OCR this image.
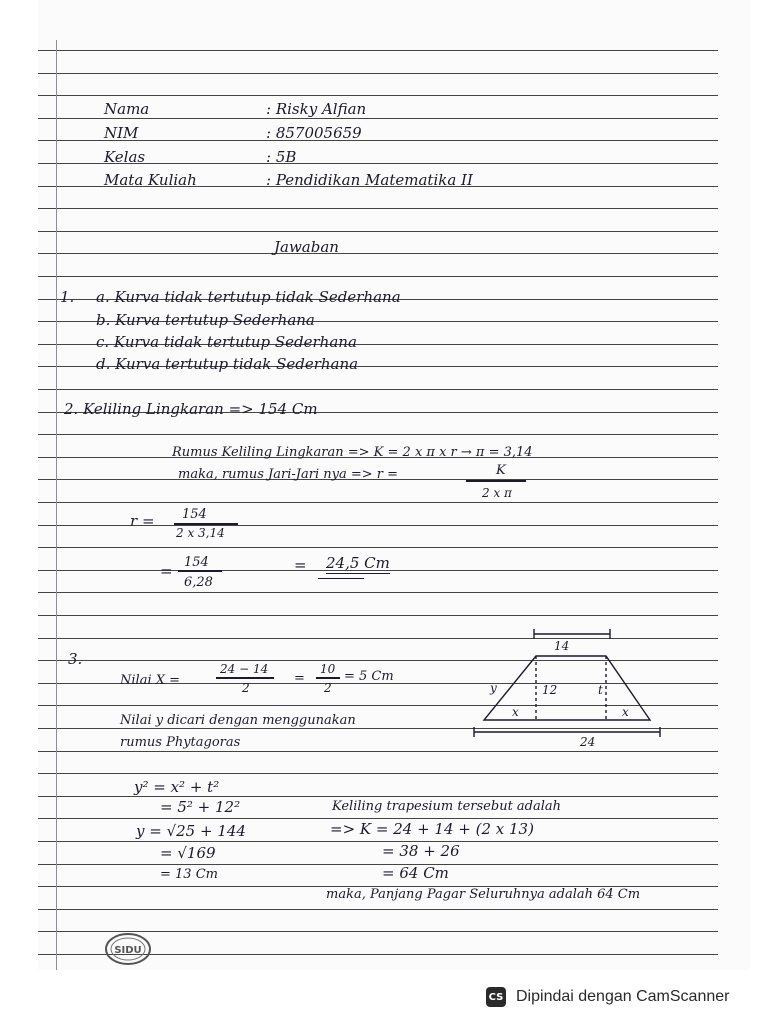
Nama	: Risky Alfian
NIM	: 857005659
Kelas	: 5B
Mata Kuliah	: Pendidikan Matematika II
Jawaban
1. a. Kurva tidak tertutup tidak Sederhana
b. Kurva tertutup Sederhana
c. Kurva tidak tertutup Sederhana
d. Kurva tertutup tidak Sederhana
2. Keliling Lingkaran => 154 Cm
Rumus Keliling Lingkaran => K = 2 x π x r → π = 3,14
maka, rumus Jari-Jari nya => r =	K
2 x π
r = 154
2 x 3,14
= 154
6,28
= 24,5 Cm
3.
Nilai X =
24 − 14
2
=
10
2
= 5 Cm
Nilai y dicari dengan menggunakan
rumus Phytagoras
y² = x² + t²
= 5² + 12²
y = √25 + 144
= √169
= 13 Cm
Keliling trapesium tersebut adalah
=> K = 24 + 14 + (2 x 13)
= 38 + 26
= 64 Cm
maka, Panjang Pagar Seluruhnya adalah 64 Cm
14
y	12	t
x	x
24
SIDU
CS Dipindai dengan CamScanner
